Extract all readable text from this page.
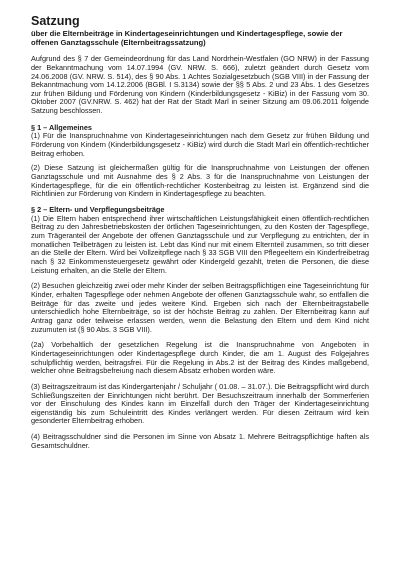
Satzung
über die Elternbeiträge in Kindertageseinrichtungen und Kindertagespflege, sowie der offenen Ganztagsschule (Elternbeitragssatzung)

Aufgrund des § 7 der Gemeindeordnung für das Land Nordrhein-Westfalen (GO NRW) in der Fassung der Bekanntmachung vom 14.07.1994 (GV. NRW. S. 666), zuletzt geändert durch Gesetz vom 24.06.2008 (GV. NRW. S. 514), des § 90 Abs. 1 Achtes Sozialgesetzbuch (SGB VIII) in der Fassung der Bekanntmachung vom 14.12.2006 (BGBl. I S.3134) sowie der §§ 5 Abs. 2 und 23 Abs. 1 des Gesetzes zur frühen Bildung und Förderung von Kindern (Kinderbildungsgesetz - KiBiz) in der Fassung vom 30. Oktober 2007 (GV.NRW. S. 462) hat der Rat der Stadt Marl in seiner Sitzung am 09.06.2011 folgende Satzung beschlossen.

§ 1 – Allgemeines

(1) Für die Inanspruchnahme von Kindertageseinrichtungen nach dem Gesetz zur frühen Bildung und Förderung von Kindern (Kinderbildungsgesetz - KiBiz) wird durch die Stadt Marl ein öffentlich-rechtlicher Beitrag erhoben.

(2) Diese Satzung ist gleichermaßen gültig für die Inanspruchnahme von Leistungen der offenen Ganztagsschule und mit Ausnahme des § 2 Abs. 3 für die Inanspruchnahme von Leistungen der Kindertagespflege, für die ein öffentlich-rechtlicher Kostenbeitrag zu leisten ist. Ergänzend sind die Richtlinien zur Förderung von Kindern in Kindertagespflege zu beachten.

§ 2 – Eltern- und Verpflegungsbeiträge

(1) Die Eltern haben entsprechend ihrer wirtschaftlichen Leistungsfähigkeit einen öffentlich-rechtlichen Beitrag zu den Jahresbetriebskosten der örtlichen Tageseinrichtungen, zu den Kosten der Tagespflege, zum Trägeranteil der Angebote der offenen Ganztagsschule und zur Verpflegung zu entrichten, der in monatlichen Teilbeträgen zu leisten ist. Lebt das Kind nur mit einem Elternteil zusammen, so tritt dieser an die Stelle der Eltern. Wird bei Vollzeitpflege nach § 33 SGB VIII den Pflegeeltern ein Kinderfreibetrag nach § 32 Einkommensteuergesetz gewährt oder Kindergeld gezahlt, treten die Personen, die diese Leistung erhalten, an die Stelle der Eltern.

(2) Besuchen gleichzeitig zwei oder mehr Kinder der selben Beitragspflichtigen eine Tageseinrichtung für Kinder, erhalten Tagespflege oder nehmen Angebote der offenen Ganztagsschule wahr, so entfallen die Beiträge für das zweite und jedes weitere Kind. Ergeben sich nach der Elternbeitragstabelle unterschiedlich hohe Elternbeiträge, so ist der höchste Beitrag zu zahlen. Der Elternbeitrag kann auf Antrag ganz oder teilweise erlassen werden, wenn die Belastung den Eltern und dem Kind nicht zuzumuten ist (§ 90 Abs. 3 SGB VIII).

(2a) Vorbehaltlich der gesetzlichen Regelung ist die Inanspruchnahme von Angeboten in Kindertageseinrichtungen oder Kindertagespflege durch Kinder, die am 1. August des Folgejahres schulpflichtig werden, beitragsfrei. Für die Regelung in Abs.2 ist der Beitrag des Kindes maßgebend, welcher ohne Beitragsbefreiung nach diesem Absatz erhoben worden wäre.

(3) Beitragszeitraum ist das Kindergartenjahr / Schuljahr ( 01.08. – 31.07.). Die Beitragspflicht wird durch Schließungszeiten der Einrichtungen nicht berührt. Der Besuchszeitraum innerhalb der Sommerferien vor der Einschulung des Kindes kann im Einzelfall durch den Träger der Kindertageseinrichtung eigenständig bis zum Schuleintritt des Kindes verlängert werden. Für diesen Zeitraum wird kein gesonderter Elternbeitrag erhoben.

(4) Beitragsschuldner sind die Personen im Sinne von Absatz 1. Mehrere Beitragspflichtige haften als Gesamtschuldner.
